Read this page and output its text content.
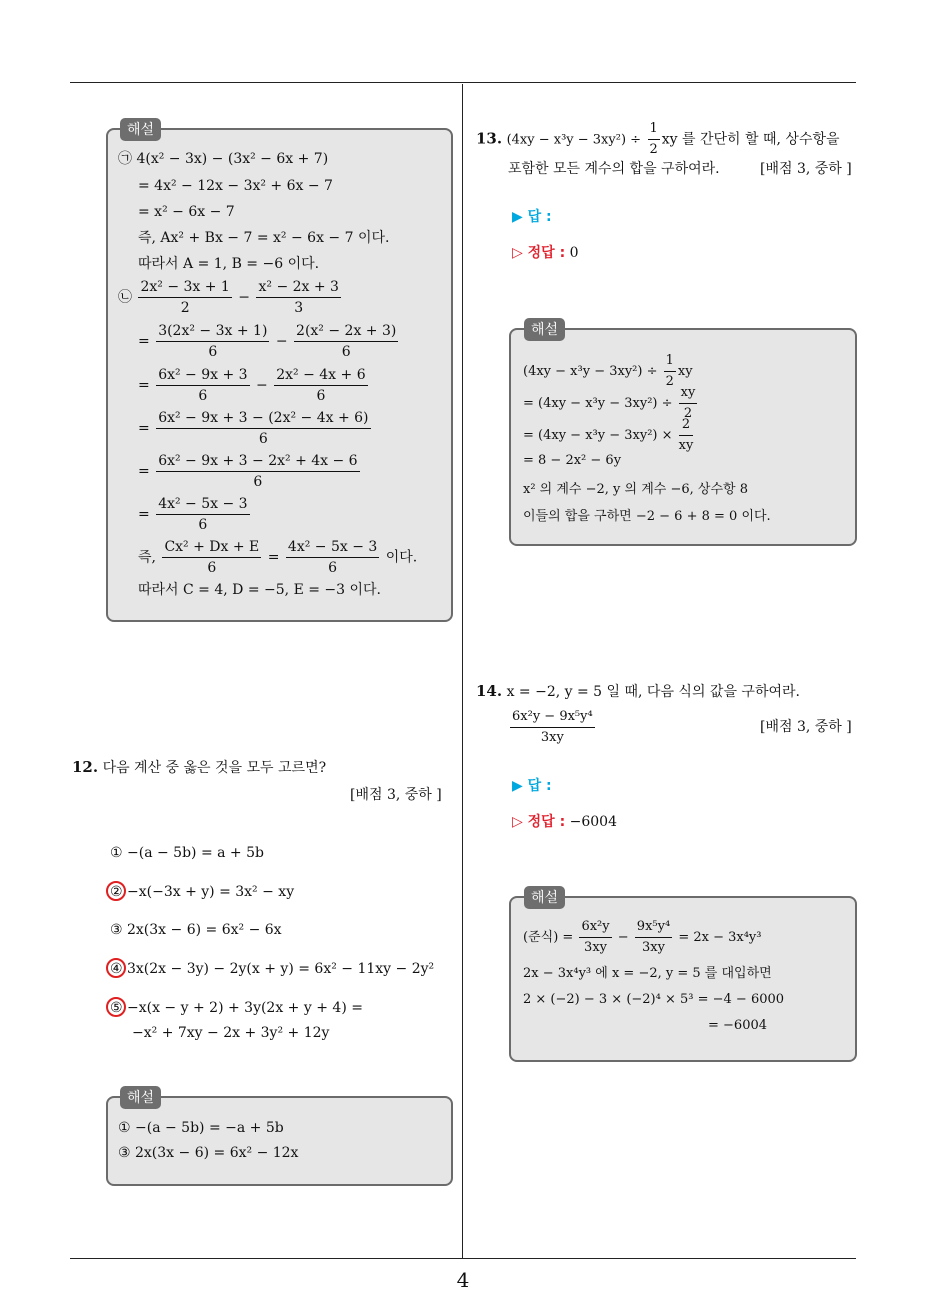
해설
㉠ 4(x² − 3x) − (3x² − 6x + 7)
= 4x² − 12x − 3x² + 6x − 7
= x² − 6x − 7
즉, Ax² + Bx − 7 = x² − 6x − 7 이다.
따라서 A = 1, B = −6 이다.
㉡ $\frac{\text{2x² − 3x + 1}}{2} - \frac{\text{x² − 2x + 3}}{3}$
= $\frac{\text{3(2x² − 3x + 1)}}{6} - \frac{\text{2(x² − 2x + 3)}}{6}$
= $\frac{\text{6x² − 9x + 3}}{6} - \frac{\text{2x² − 4x + 6}}{6}$
= $\frac{\text{6x² − 9x + 3 − (2x² − 4x + 6)}}{6}$
= $\frac{\text{6x² − 9x + 3 − 2x² + 4x − 6}}{6}$
= $\frac{\text{4x² − 5x − 3}}{6}$
즉, $\frac{\text{Cx² + Dx + E}}{6} = \frac{\text{4x² − 5x − 3}}{6}$ 이다.
따라서 C = 4, D = −5, E = −3 이다.
12. 다음 계산 중 옳은 것을 모두 고르면?
[배점 3, 중하 ]
① −(a − 5b) = a + 5b
② −x(−3x + y) = 3x² − xy
③ 2x(3x − 6) = 6x² − 6x
④ 3x(2x − 3y) − 2y(x + y) = 6x² − 11xy − 2y²
⑤ −x(x − y + 2) + 3y(2x + y + 4) =
−x² + 7xy − 2x + 3y² + 12y
해설
① −(a − 5b) = −a + 5b
③ 2x(3x − 6) = 6x² − 12x
13. $(4xy - x^3y - 3xy^2) \div \frac{1}{2}$ xy 를 간단히 할 때, 상수항을
포함한 모든 계수의 합을 구하여라.	[배점 3, 중하 ]
▶ 답 :
▷ 정답 : 0
해설
$(4xy - x^3y - 3xy^2) \div \frac{1}{2}$ xy
= $(4xy - x^3y - 3xy^2) \div \frac{xy}{2}$
= $(4xy - x^3y - 3xy^2) \times \frac{2}{xy}$
= 8 − 2x² − 6y
x² 의 계수 −2, y 의 계수 −6, 상수항 8
이들의 합을 구하면 −2 − 6 + 8 = 0 이다.
14. x = −2, y = 5 일 때, 다음 식의 값을 구하여라.
$\frac{\text{6x²y − 9x⁵y⁴}}{3xy}$	[배점 3, 중하 ]
▶ 답 :
▷ 정답 : −6004
해설
(준식) = $\frac{\text{6x²y}}{3xy} - \frac{\text{9x⁵y⁴}}{3xy} = 2x - 3x^4y^3$
2x − 3x⁴y³ 에 x = −2, y = 5 를 대입하면
2 × (−2) − 3 × (−2)⁴ × 5³ = −4 − 6000
= −6004
4
